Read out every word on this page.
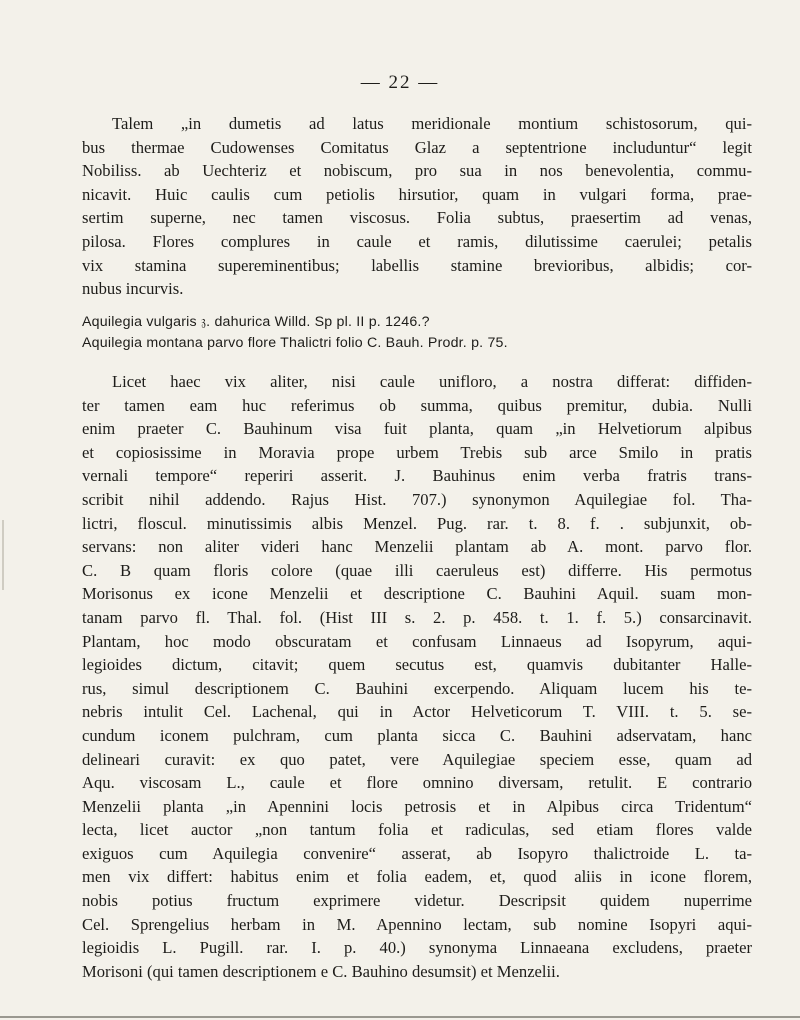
— 22 —
Talem „in dumetis ad latus meridionale montium schistosorum, qui-
bus thermae Cudowenses Comitatus Glaz a septentrione includuntur“ legit
Nobiliss. ab Uechteriz et nobiscum, pro sua in nos benevolentia, commu-
nicavit. Huic caulis cum petiolis hirsutior, quam in vulgari forma, prae-
sertim superne, nec tamen viscosus. Folia subtus, praesertim ad venas,
pilosa. Flores complures in caule et ramis, dilutissime caerulei; petalis
vix stamina supereminentibus; labellis stamine brevioribus, albidis; cor-
nubus incurvis.
Aquilegia vulgaris 𝔷. dahurica Willd. Sp pl. II p. 1246.?
Aquilegia montana parvo flore Thalictri folio C. Bauh. Prodr. p. 75.
Licet haec vix aliter, nisi caule unifloro, a nostra differat: diffiden-
ter tamen eam huc referimus ob summa, quibus premitur, dubia. Nulli
enim praeter C. Bauhinum visa fuit planta, quam „in Helvetiorum alpibus
et copiosissime in Moravia prope urbem Trebis sub arce Smilo in pratis
vernali tempore“ reperiri asserit. J. Bauhinus enim verba fratris trans-
scribit nihil addendo. Rajus Hist. 707.) synonymon Aquilegiae fol. Tha-
lictri, floscul. minutissimis albis Menzel. Pug. rar. t. 8. f. . subjunxit, ob-
servans: non aliter videri hanc Menzelii plantam ab A. mont. parvo flor.
C. B quam floris colore (quae illi caeruleus est) differre. His permotus
Morisonus ex icone Menzelii et descriptione C. Bauhini Aquil. suam mon-
tanam parvo fl. Thal. fol. (Hist III s. 2. p. 458. t. 1. f. 5.) consarcinavit.
Plantam, hoc modo obscuratam et confusam Linnaeus ad Isopyrum, aqui-
legioides dictum, citavit; quem secutus est, quamvis dubitanter Halle-
rus, simul descriptionem C. Bauhini excerpendo. Aliquam lucem his te-
nebris intulit Cel. Lachenal, qui in Actor Helveticorum T. VIII. t. 5. se-
cundum iconem pulchram, cum planta sicca C. Bauhini adservatam, hanc
delineari curavit: ex quo patet, vere Aquilegiae speciem esse, quam ad
Aqu. viscosam L., caule et flore omnino diversam, retulit. E contrario
Menzelii planta „in Apennini locis petrosis et in Alpibus circa Tridentum“
lecta, licet auctor „non tantum folia et radiculas, sed etiam flores valde
exiguos cum Aquilegia convenire“ asserat, ab Isopyro thalictroide L. ta-
men vix differt: habitus enim et folia eadem, et, quod aliis in icone florem,
nobis potius fructum exprimere videtur. Descripsit quidem nuperrime
Cel. Sprengelius herbam in M. Apennino lectam, sub nomine Isopyri aqui-
legioidis L. Pugill. rar. I. p. 40.) synonyma Linnaeana excludens, praeter
Morisoni (qui tamen descriptionem e C. Bauhino desumsit) et Menzelii.
